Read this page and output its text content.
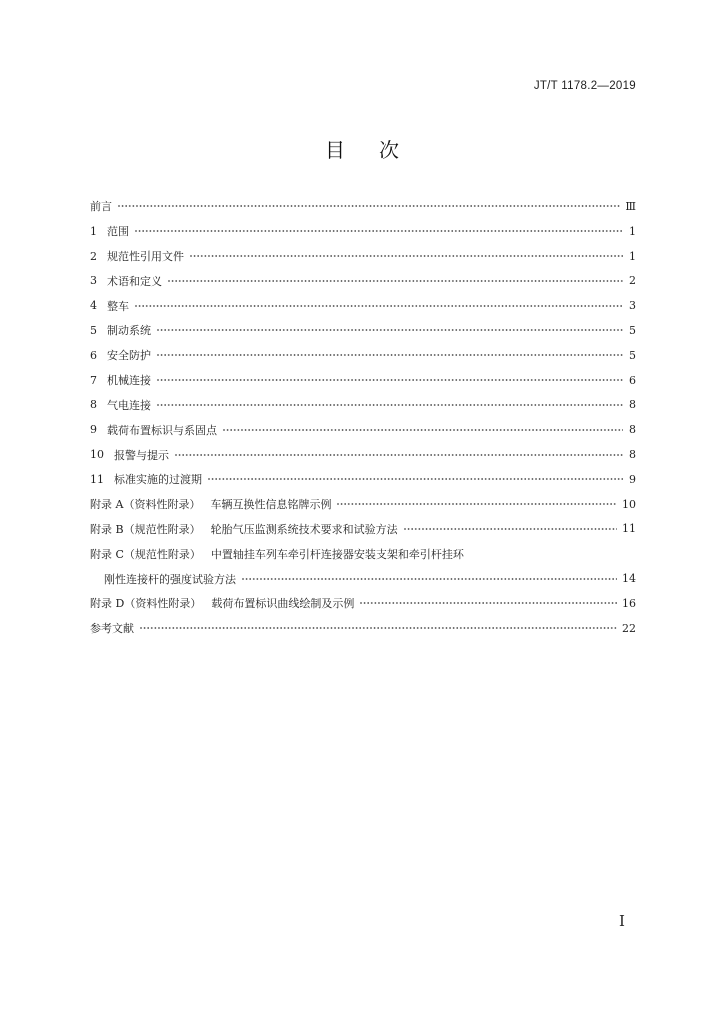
JT/T 1178.2—2019
目次
前言	Ⅲ
1 范围	1
2 规范性引用文件	1
3 术语和定义	2
4 整车	3
5 制动系统	5
6 安全防护	5
7 机械连接	6
8 气电连接	8
9 载荷布置标识与系固点	8
10 报警与提示	8
11 标准实施的过渡期	9
附录 A（资料性附录） 车辆互换性信息铭牌示例	10
附录 B（规范性附录） 轮胎气压监测系统技术要求和试验方法	11
附录 C（规范性附录） 中置轴挂车列车牵引杆连接器安装支架和牵引杆挂环
刚性连接杆的强度试验方法	14
附录 D（资料性附录） 载荷布置标识曲线绘制及示例	16
参考文献	22
I
